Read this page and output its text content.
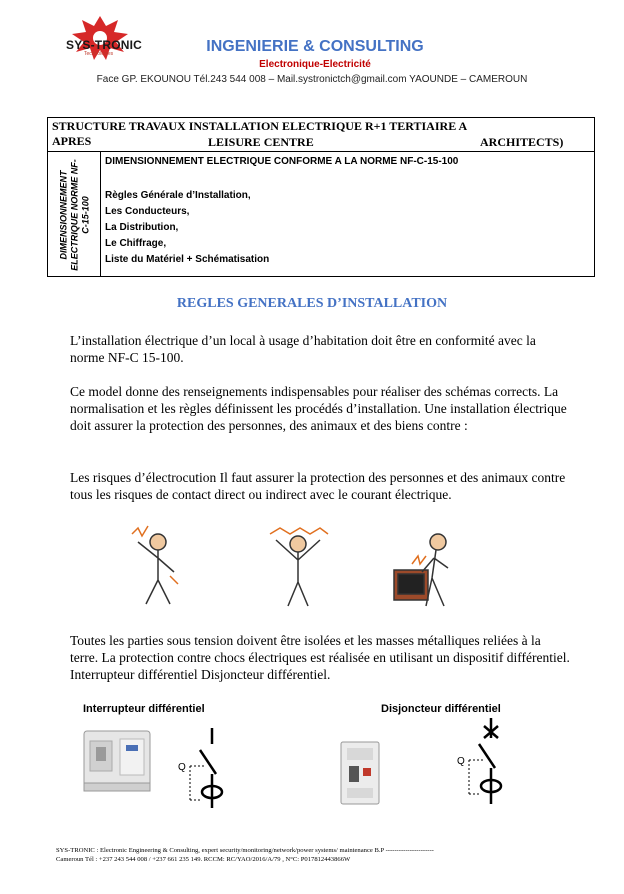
SYS-TRONIC
Technologies	INGENIERIE & CONSULTING
Electronique-Electricité
Face GP. EKOUNOU Tél.243 544 008 – Mail.systronictch@gmail.com YAOUNDE – CAMEROUN
STRUCTURE TRAVAUX INSTALLATION ELECTRIQUE R+1 TERTIAIRE A
APRES	LEISURE CENTRE	ARCHITECTS)
DIMENSIONNEMENT ELECTRIQUE NORME NF-C-15-100
DIMENSIONNEMENT ELECTRIQUE CONFORME A LA NORME NF-C-15-100
Règles Générale d’Installation,
Les Conducteurs,
La Distribution,
Le Chiffrage,
Liste du Matériel + Schématisation
REGLES GENERALES D’INSTALLATION
L’installation électrique d’un local à usage d’habitation doit être en conformité avec la norme NF-C 15-100.
Ce model donne des renseignements indispensables pour réaliser des schémas corrects. La normalisation et les règles définissent les procédés d’installation. Une installation électrique doit assurer la protection des personnes, des animaux et des biens contre :
Les risques d’électrocution Il faut assurer la protection des personnes et des animaux contre tous les risques de contact direct ou indirect avec le courant électrique.
Toutes les parties sous tension doivent être isolées et les masses métalliques reliées à la terre. La protection contre chocs électriques est réalisée en utilisant un dispositif différentiel. Interrupteur différentiel Disjoncteur différentiel.
Interrupteur différentiel	Disjoncteur différentiel
Q
Q
SYS-TRONIC : Electronic Engineering & Consulting, expert security/monitoring/network/power systems/ maintenance B.P ----------------------
Cameroun Tél : +237 243 544 008 / +237 661 235 149. RCCM: RC/YAO/2016/A/79 , N°C: P017812443866W
